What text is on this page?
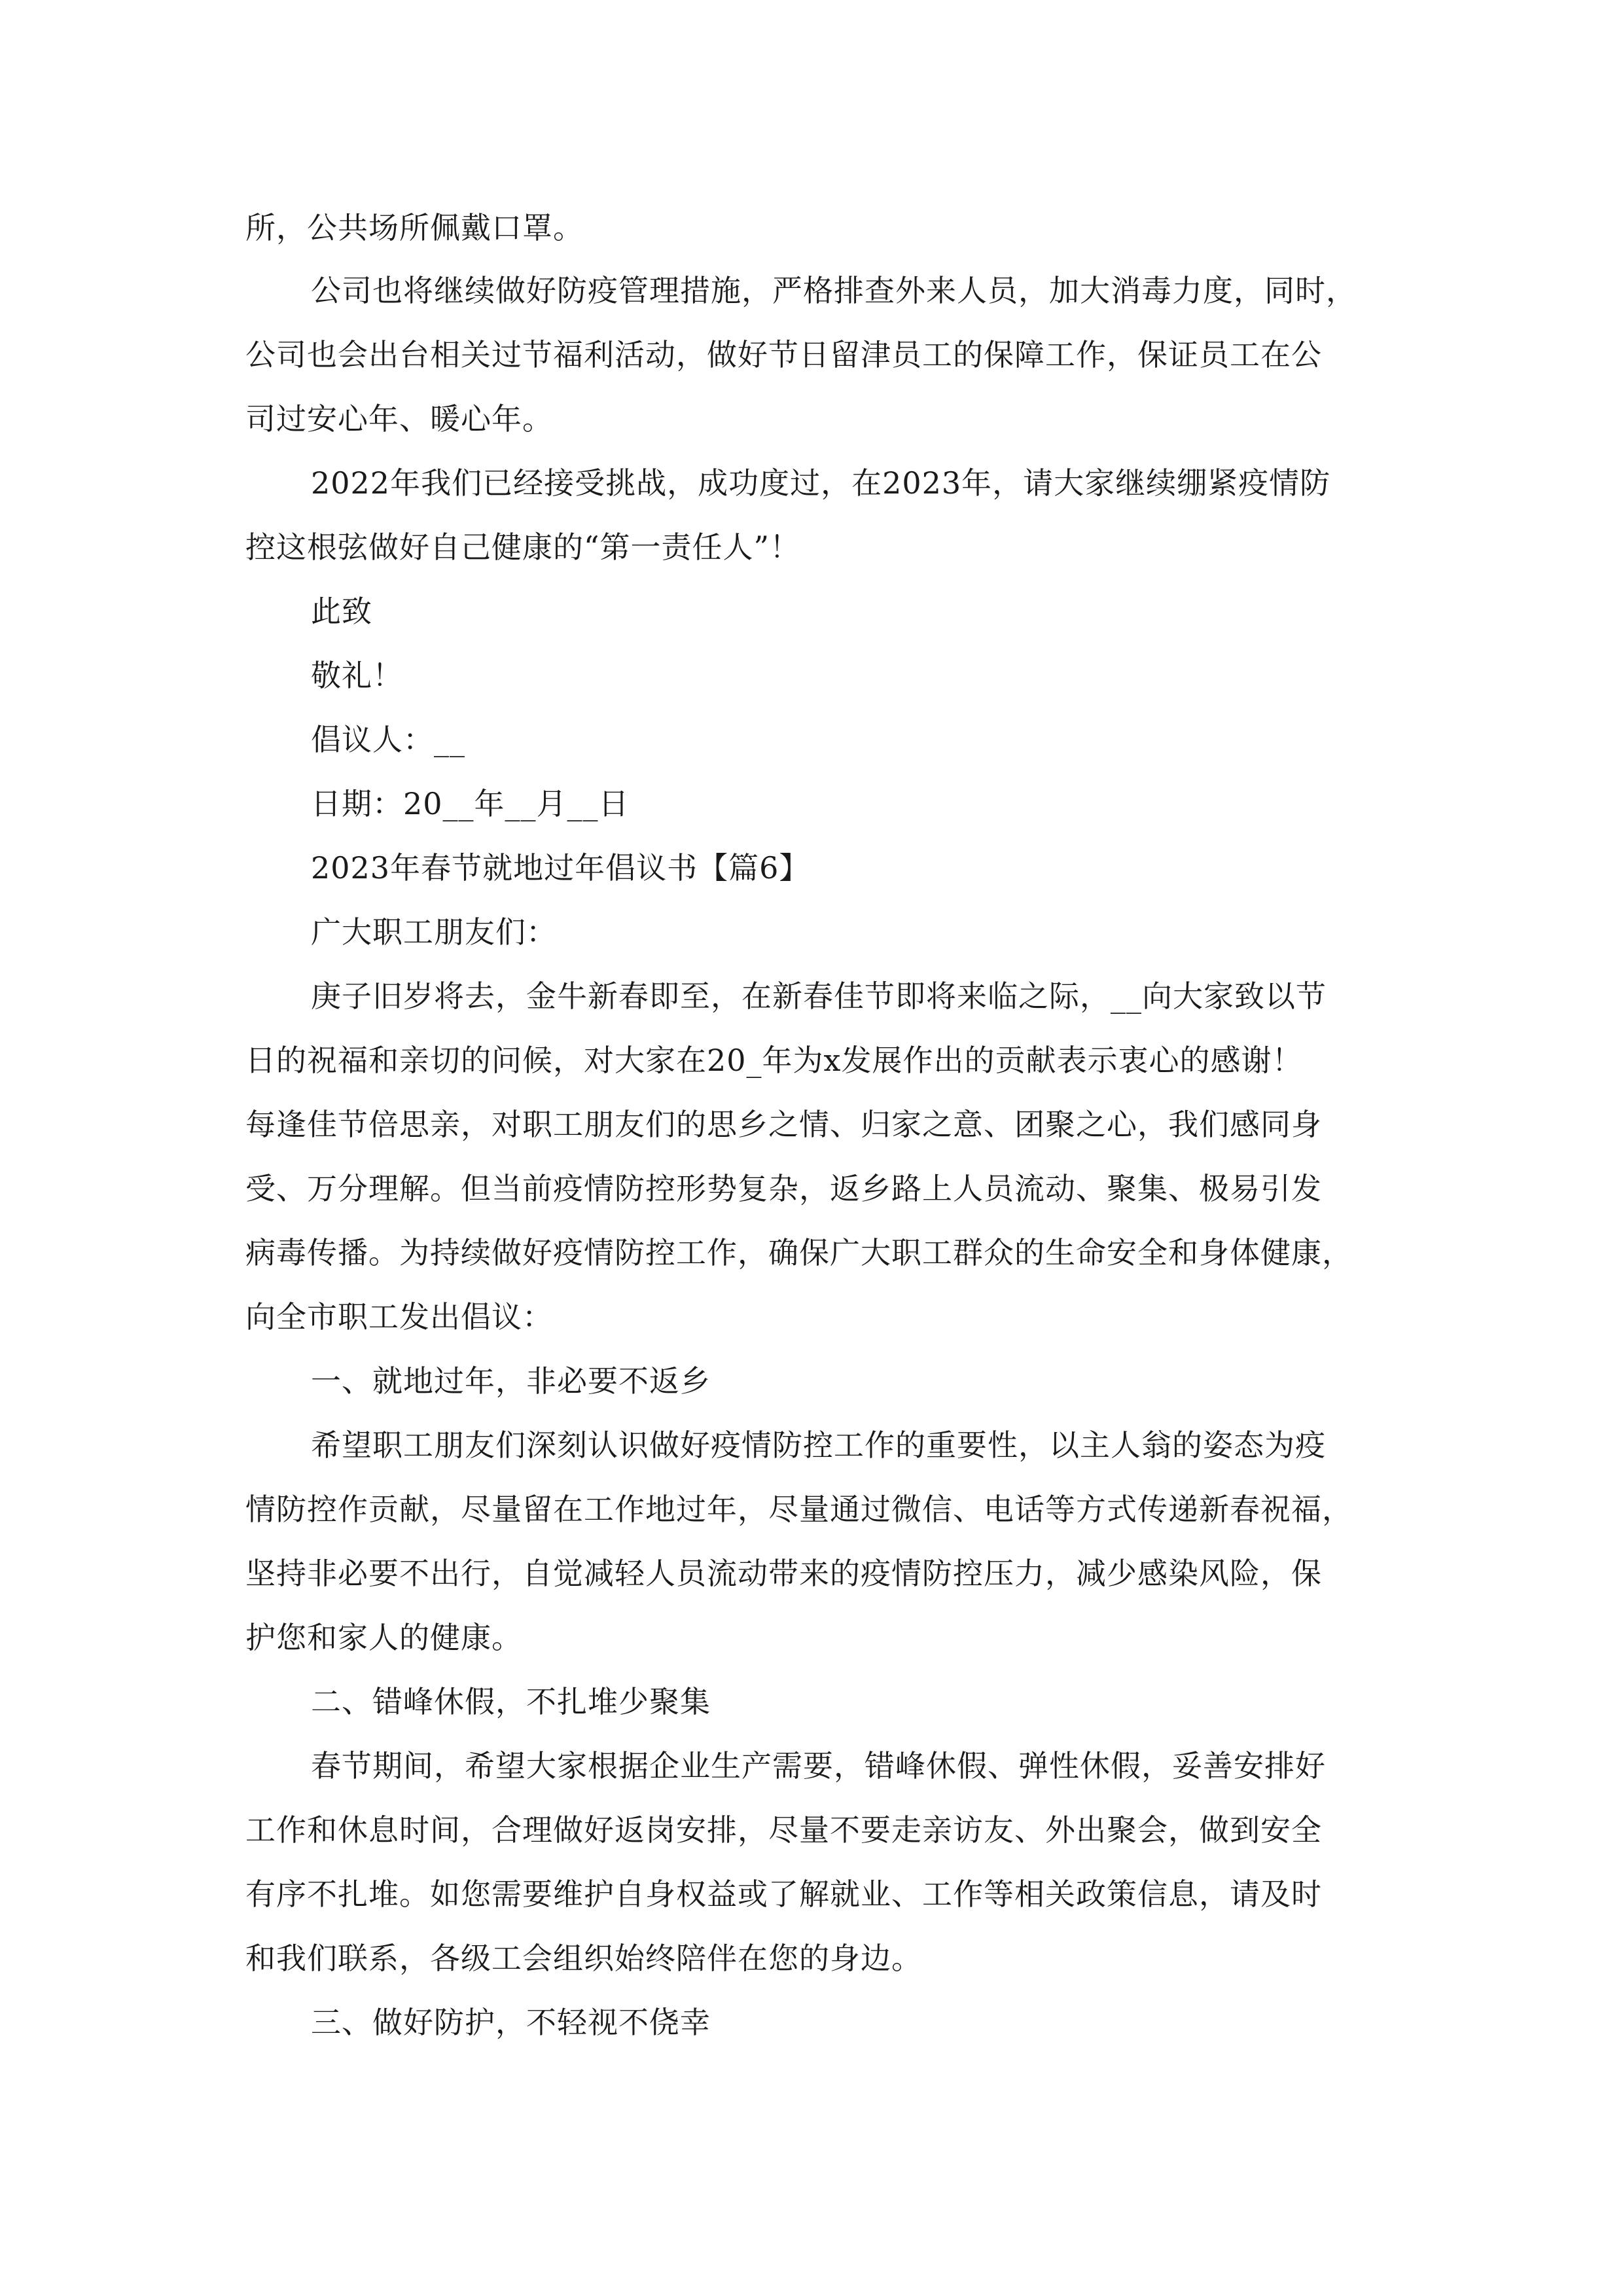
所，公共场所佩戴口罩。
公司也将继续做好防疫管理措施，严格排查外来人员，加大消毒力度，同时，
公司也会出台相关过节福利活动，做好节日留津员工的保障工作，保证员工在公
司过安心年、暖心年。
2022年我们已经接受挑战，成功度过，在2023年，请大家继续绷紧疫情防
控这根弦做好自己健康的“第一责任人”！
此致
敬礼！
倡议人：__
日期：20__年__月__日
2023年春节就地过年倡议书【篇6】
广大职工朋友们：
庚子旧岁将去，金牛新春即至，在新春佳节即将来临之际，__向大家致以节
日的祝福和亲切的问候，对大家在20_年为x发展作出的贡献表示衷心的感谢！
每逢佳节倍思亲，对职工朋友们的思乡之情、归家之意、团聚之心，我们感同身
受、万分理解。但当前疫情防控形势复杂，返乡路上人员流动、聚集、极易引发
病毒传播。为持续做好疫情防控工作，确保广大职工群众的生命安全和身体健康，
向全市职工发出倡议：
一、就地过年，非必要不返乡
希望职工朋友们深刻认识做好疫情防控工作的重要性，以主人翁的姿态为疫
情防控作贡献，尽量留在工作地过年，尽量通过微信、电话等方式传递新春祝福，
坚持非必要不出行，自觉减轻人员流动带来的疫情防控压力，减少感染风险，保
护您和家人的健康。
二、错峰休假，不扎堆少聚集
春节期间，希望大家根据企业生产需要，错峰休假、弹性休假，妥善安排好
工作和休息时间，合理做好返岗安排，尽量不要走亲访友、外出聚会，做到安全
有序不扎堆。如您需要维护自身权益或了解就业、工作等相关政策信息，请及时
和我们联系，各级工会组织始终陪伴在您的身边。
三、做好防护，不轻视不侥幸
